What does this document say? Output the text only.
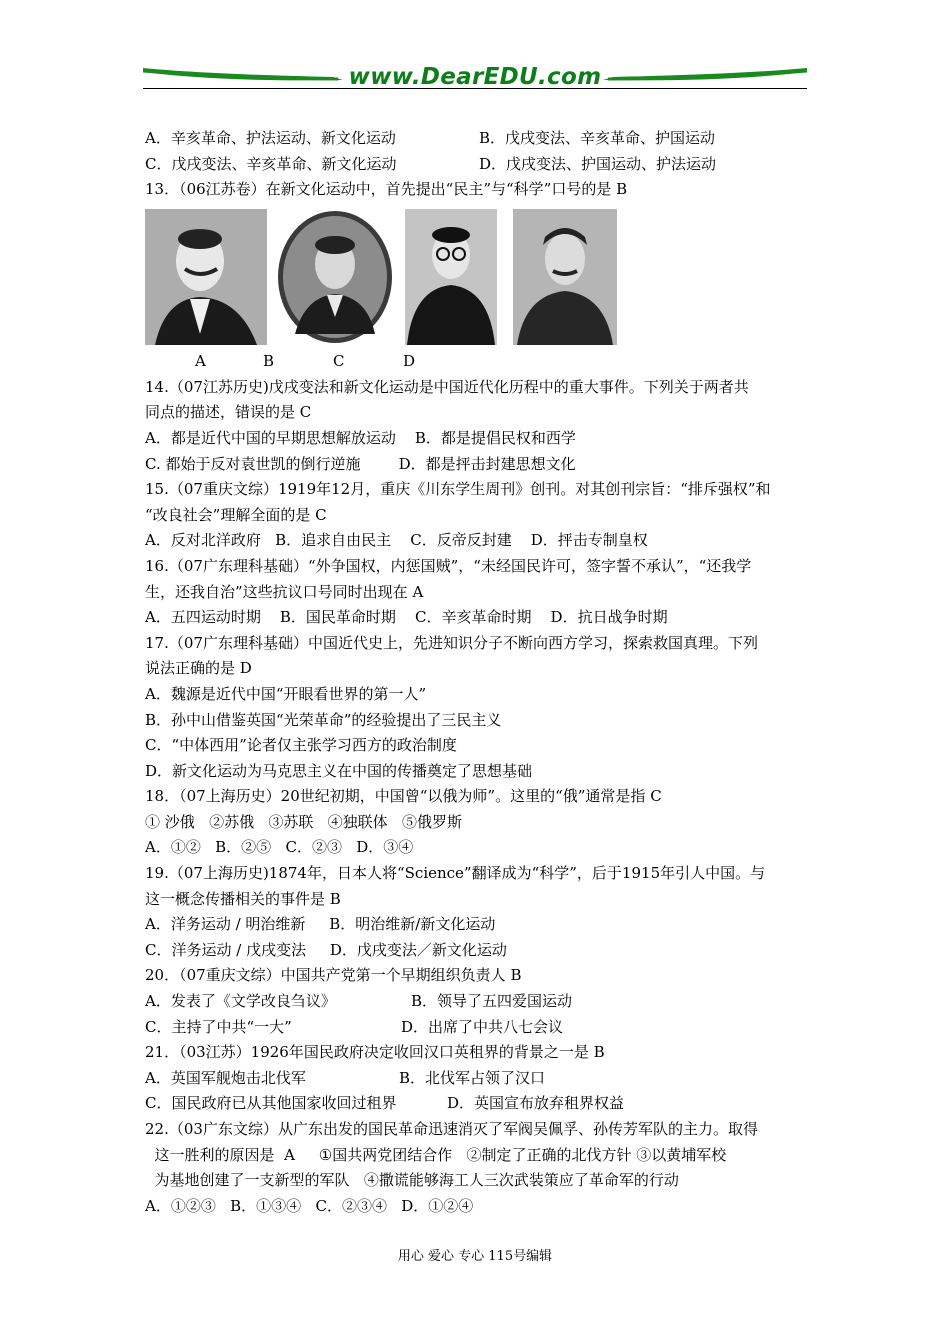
www.DearEDU.com
A．辛亥革命、护法运动、新文化运动	B．戊戌变法、辛亥革命、护国运动
C．戊戌变法、辛亥革命、新文化运动	D．戊戌变法、护国运动、护法运动
13．（06江苏卷）在新文化运动中，首先提出“民主”与“科学”口号的是 B
A	B	C	D
14.（07江苏历史)戊戌变法和新文化运动是中国近代化历程中的重大事件。下列关于两者共
同点的描述，错误的是 C
A．都是近代中国的早期思想解放运动    B．都是提倡民权和西学
C. 都始于反对袁世凯的倒行逆施        D．都是抨击封建思想文化
15.（07重庆文综）1919年12月，重庆《川东学生周刊》创刊。对其创刊宗旨：“排斥强权”和
“改良社会”理解全面的是 C
A．反对北洋政府   B．追求自由民主    C．反帝反封建    D．抨击专制皇权
16.（07广东理科基础）“外争国权，内惩国贼”，“未经国民许可，签字誓不承认”，“还我学
生，还我自治”这些抗议口号同时出现在 A
A．五四运动时期    B．国民革命时期    C．辛亥革命时期    D．抗日战争时期
17.（07广东理科基础）中国近代史上，先进知识分子不断向西方学习，探索救国真理。下列
说法正确的是 D
A．魏源是近代中国“开眼看世界的第一人”
B．孙中山借鉴英国“光荣革命”的经验提出了三民主义
C．“中体西用”论者仅主张学习西方的政治制度
D．新文化运动为马克思主义在中国的传播奠定了思想基础
18．（07上海历史）20世纪初期，中国曾“以俄为师”。这里的“俄”通常是指 C
① 沙俄   ②苏俄   ③苏联   ④独联体   ⑤俄罗斯
A．①②   B．②⑤   C．②③   D．③④
19.（07上海历史)1874年，日本人将“Science”翻译成为“科学”，后于1915年引人中国。与
这一概念传播相关的事件是 B
A．洋务运动 / 明治维新     B．明治维新/新文化运动
C．洋务运动 / 戊戌变法     D．戊戌变法／新文化运动
20．（07重庆文综）中国共产党第一个早期组织负责人 B
A．发表了《文学改良刍议》	B．领导了五四爱国运动
C．主持了中共“一大”	D．出席了中共八七会议
21．（03江苏）1926年国民政府决定收回汉口英租界的背景之一是 B
A．英国军舰炮击北伐军	B．北伐军占领了汉口
C．国民政府已从其他国家收回过租界	D．英国宣布放弃租界权益
22.（03广东文综）从广东出发的国民革命迅速消灭了军阀吴佩孚、孙传芳军队的主力。取得
这一胜利的原因是  A     ①国共两党团结合作   ②制定了正确的北伐方针 ③以黄埔军校
为基地创建了一支新型的军队   ④撒谎能够海工人三次武装策应了革命军的行动
A．①②③   B．①③④   C．②③④   D．①②④
用心 爱心 专心 115号编辑
